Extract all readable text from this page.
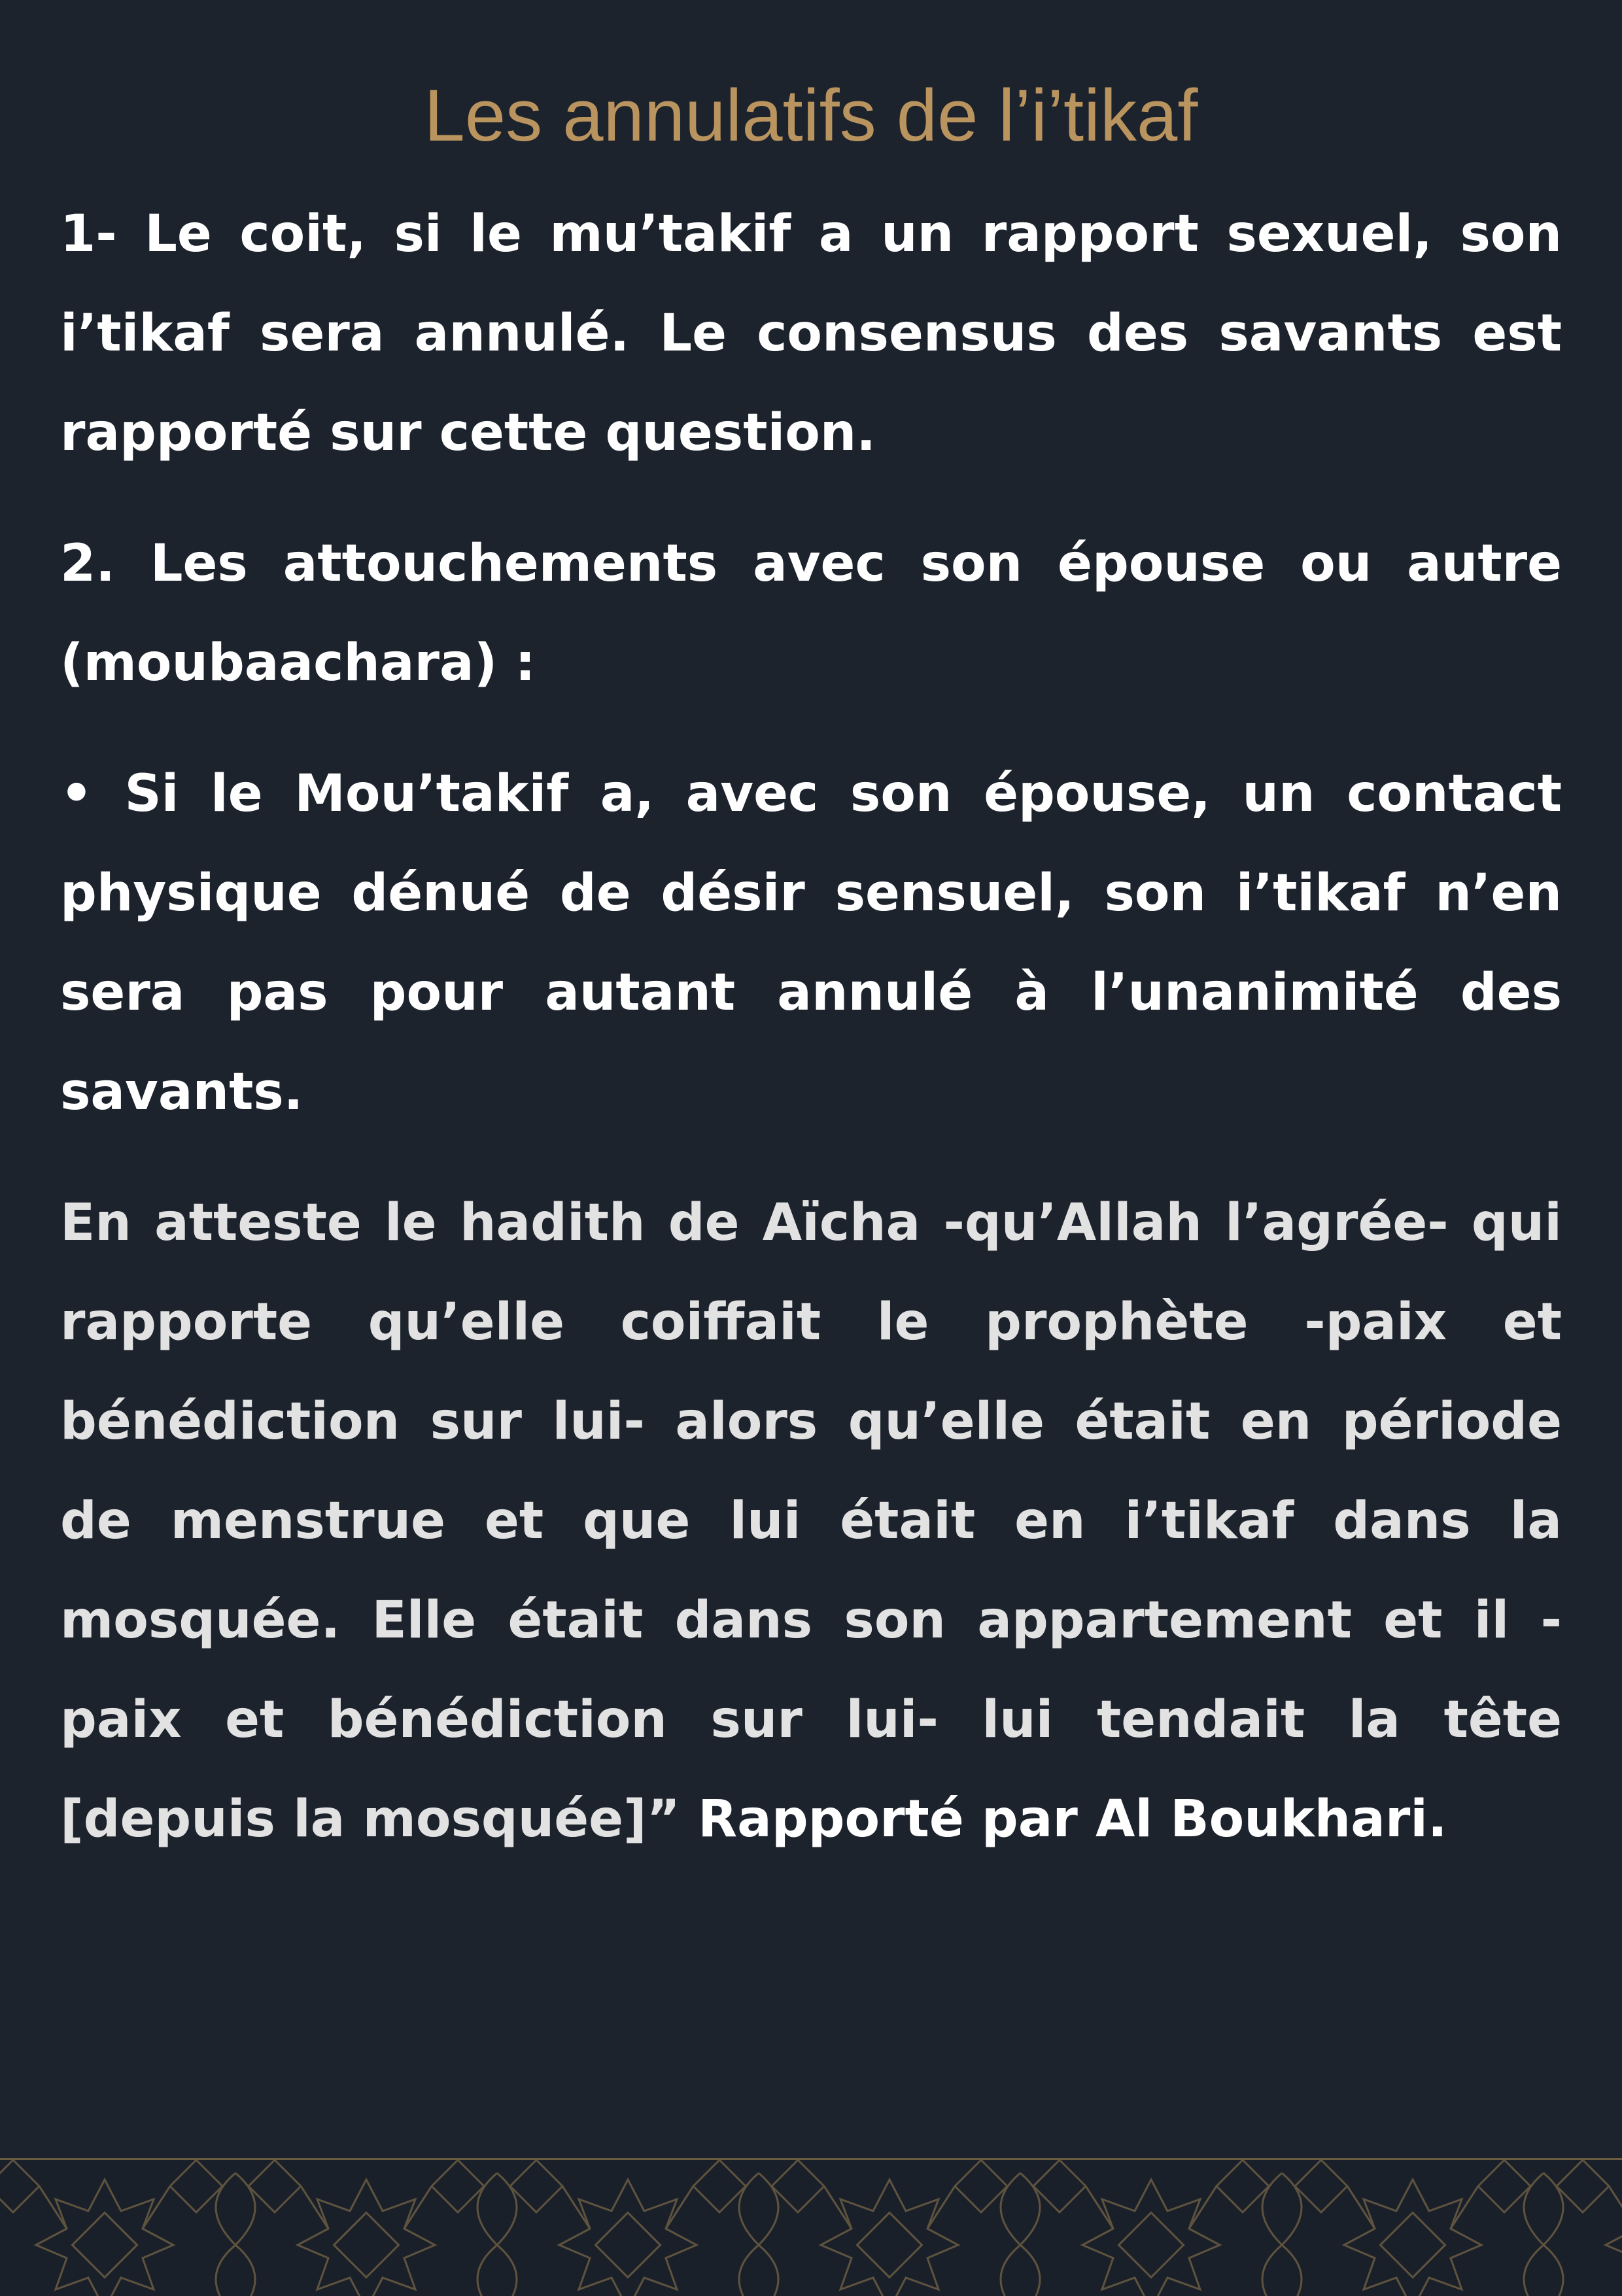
Les annulatifs de l’i’tikaf

1- Le coit, si le mu’takif a un rapport sexuel, son i’tikaf sera annulé. Le consensus des savants est rapporté sur cette question.

2. Les attouchements avec son épouse ou autre (moubaachara) :

• Si le Mou’takif a, avec son épouse, un contact physique dénué de désir sensuel, son i’tikaf n’en sera pas pour autant annulé à l’unanimité des savants.

En atteste le hadith de Aïcha -qu’Allah l’agrée- qui rapporte qu’elle coiffait le prophète -paix et bénédiction sur lui- alors qu’elle était en période de menstrue et que lui était en i’tikaf dans la mosquée. Elle était dans son appartement et il -paix et bénédiction sur lui- lui tendait la tête [depuis la mosquée]” Rapporté par Al Boukhari.
